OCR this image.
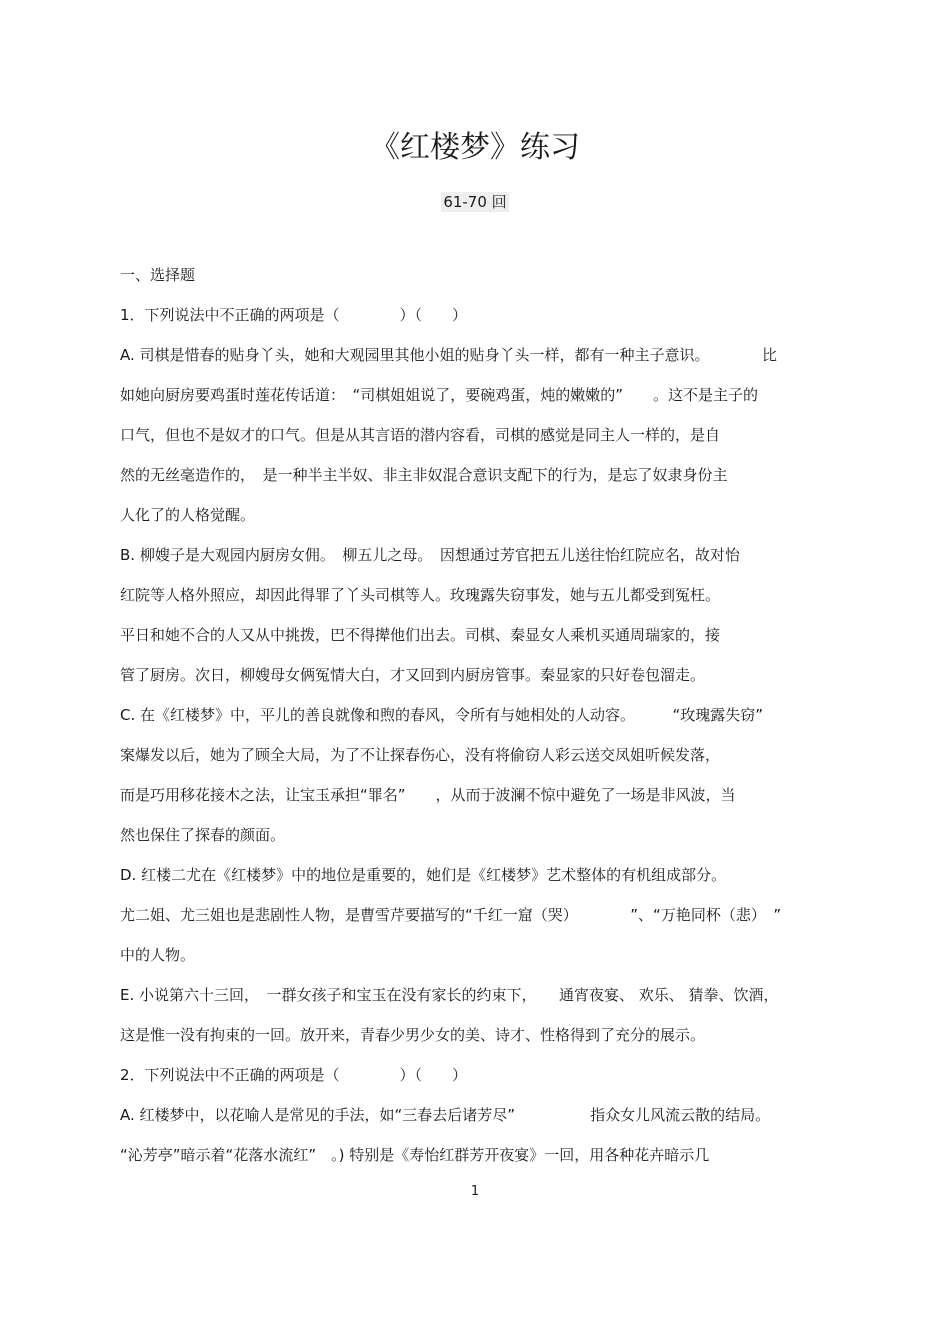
《红楼梦》练习
61-70 回
一、选择题
1．下列说法中不正确的两项是（　　　　）（　　）
A. 司棋是惜春的贴身丫头，她和大观园里其他小姐的贴身丫头一样，都有一种主子意识。　　　　比
如她向厨房要鸡蛋时莲花传话道：　“司棋姐姐说了，要碗鸡蛋，炖的嫩嫩的”　　。这不是主子的
口气，但也不是奴才的口气。但是从其言语的潜内容看，司棋的感觉是同主人一样的，是自
然的无丝毫造作的，　是一种半主半奴、非主非奴混合意识支配下的行为，是忘了奴隶身份主
人化了的人格觉醒。
B. 柳嫂子是大观园内厨房女佣。　柳五儿之母。　因想通过芳官把五儿送往怡红院应名，故对怡
红院等人格外照应，却因此得罪了丫头司棋等人。玫瑰露失窃事发，她与五儿都受到冤枉。
平日和她不合的人又从中挑拨，巴不得撵他们出去。司棋、秦显女人乘机买通周瑞家的，接
管了厨房。次日，柳嫂母女俩冤情大白，才又回到内厨房管事。秦显家的只好卷包溜走。
C. 在《红楼梦》中，平儿的善良就像和煦的春风，令所有与她相处的人动容。　　　“玫瑰露失窃”
案爆发以后，她为了顾全大局，为了不让探春伤心，没有将偷窃人彩云送交凤姐听候发落，
而是巧用移花接木之法，让宝玉承担“罪名”　　，从而于波澜不惊中避免了一场是非风波，当
然也保住了探春的颜面。
D. 红楼二尤在《红楼梦》中的地位是重要的，她们是《红楼梦》艺术整体的有机组成部分。
尤二姐、尤三姐也是悲剧性人物，是曹雪芹要描写的“千红一窟（哭）　　　　”、“万艳同杯（悲）　”
中的人物。
E. 小说第六十三回，　一群女孩子和宝玉在没有家长的约束下，　　通宵夜宴、 欢乐、 猜拳、饮酒，
这是惟一没有拘束的一回。放开来，青春少男少女的美、诗才、性格得到了充分的展示。
2．下列说法中不正确的两项是（　　　　）（　　）
A. 红楼梦中，以花喻人是常见的手法，如“三春去后诸芳尽”　　　　　指众女儿风流云散的结局。
“沁芳亭”暗示着“花落水流红”　。) 特别是《寿怡红群芳开夜宴》一回，用各种花卉暗示几
1
